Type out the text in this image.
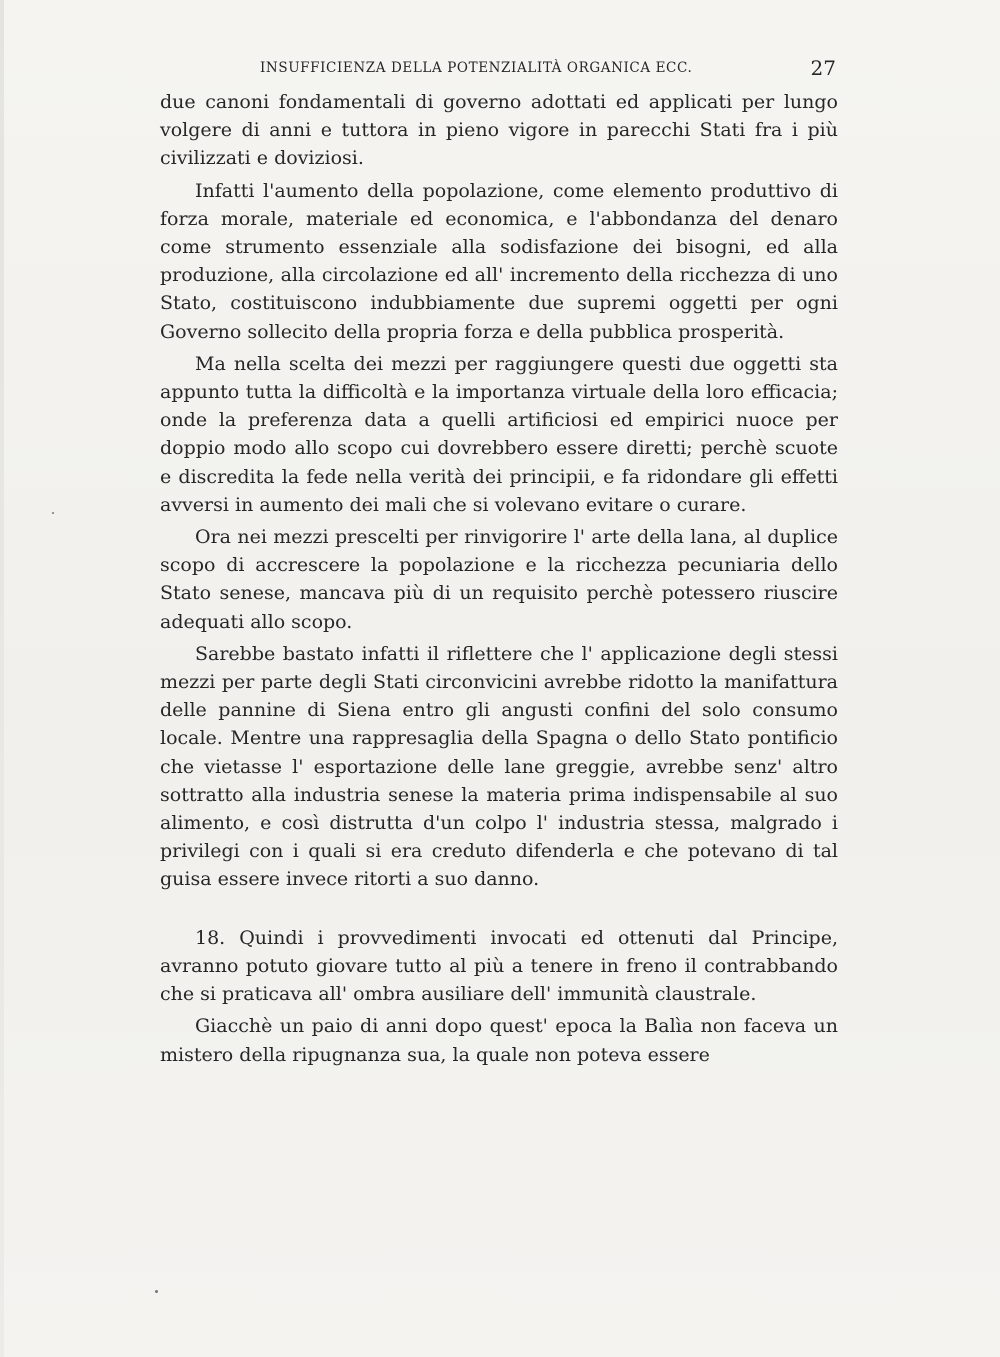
INSUFFICIENZA DELLA POTENZIALITÀ ORGANICA ECC.	27

due canoni fondamentali di governo adottati ed applicati per lungo volgere di anni e tuttora in pieno vigore in parecchi Stati fra i più civilizzati e doviziosi.

Infatti l'aumento della popolazione, come elemento produttivo di forza morale, materiale ed economica, e l'abbondanza del denaro come strumento essenziale alla sodisfazione dei bisogni, ed alla produzione, alla circolazione ed all' incremento della ricchezza di uno Stato, costituiscono indubbiamente due supremi oggetti per ogni Governo sollecito della propria forza e della pubblica prosperità.

Ma nella scelta dei mezzi per raggiungere questi due oggetti sta appunto tutta la difficoltà e la importanza virtuale della loro efficacia; onde la preferenza data a quelli artificiosi ed empirici nuoce per doppio modo allo scopo cui dovrebbero essere diretti; perchè scuote e discredita la fede nella verità dei principii, e fa ridondare gli effetti avversi in aumento dei mali che si volevano evitare o curare.

Ora nei mezzi prescelti per rinvigorire l' arte della lana, al duplice scopo di accrescere la popolazione e la ricchezza pecuniaria dello Stato senese, mancava più di un requisito perchè potessero riuscire adequati allo scopo.

Sarebbe bastato infatti il riflettere che l' applicazione degli stessi mezzi per parte degli Stati circonvicini avrebbe ridotto la manifattura delle pannine di Siena entro gli angusti confini del solo consumo locale. Mentre una rappresaglia della Spagna o dello Stato pontificio che vietasse l' esportazione delle lane greggie, avrebbe senz' altro sottratto alla industria senese la materia prima indispensabile al suo alimento, e così distrutta d'un colpo l' industria stessa, malgrado i privilegi con i quali si era creduto difenderla e che potevano di tal guisa essere invece ritorti a suo danno.

18. Quindi i provvedimenti invocati ed ottenuti dal Principe, avranno potuto giovare tutto al più a tenere in freno il contrabbando che si praticava all' ombra ausiliare dell' immunità claustrale.

Giacchè un paio di anni dopo quest' epoca la Balìa non faceva un mistero della ripugnanza sua, la quale non poteva essere
